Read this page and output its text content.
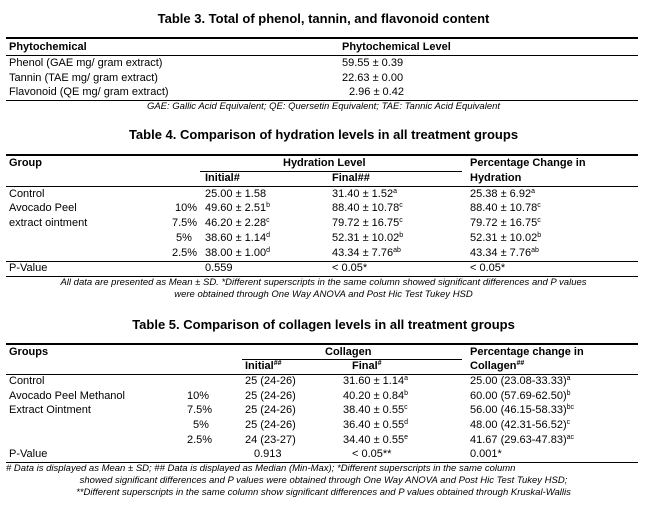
Table 3. Total of phenol, tannin, and flavonoid content
Phytochemical	Phytochemical Level
Phenol (GAE mg/ gram extract)	59.55 ± 0.39
Tannin (TAE mg/ gram extract)	22.63 ± 0.00
Flavonoid (QE mg/ gram extract)	2.96 ± 0.42
GAE: Gallic Acid Equivalent; QE: Quersetin Equivalent; TAE: Tannic Acid Equivalent
Table 4. Comparison of hydration levels in all treatment groups
Group	Hydration Level	Percentage Change in
Initial#	Final##	Hydration
Control	25.00 ± 1.58	31.40 ± 1.52$^a$	25.38 ± 6.92$^a$
Avocado Peel	10% 49.60 ± 2.51$^b$	88.40 ± 10.78$^c$	88.40 ± 10.78$^c$
extract ointment	7.5% 46.20 ± 2.28$^c$	79.72 ± 16.75$^c$	79.72 ± 16.75$^c$
5% 38.60 ± 1.14$^d$	52.31 ± 10.02$^b$	52.31 ± 10.02$^b$
2.5% 38.00 ± 1.00$^d$	43.34 ± 7.76$^{ab}$	43.34 ± 7.76$^{ab}$
P-Value	0.559	< 0.05*	< 0.05*
All data are presented as Mean ± SD. *Different superscripts in the same column showed significant differences and P values
were obtained through One Way ANOVA and Post Hic Test Tukey HSD
Table 5. Comparison of collagen levels in all treatment groups
Groups	Collagen	Percentage change in
Initial##	Final#	Collagen##
Control	25 (24-26)	31.60 ± 1.14$^a$	25.00 $(23.08-33.33)^a$
Avocado Peel Methanol	10%	25 (24-26)	40.20 ± 0.84$^b$	60.00 $(57.69-62.50)^b$
Extract Ointment	7.5%	25 (24-26)	38.40 ± 0.55$^c$	56.00 $(46.15-58.33)^{bc}$
5%	25 (24-26)	36.40 ± 0.55$^d$	48.00 $(42.31-56.52)^c$
2.5%	24 (23-27)	34.40 ± 0.55$^e$	41.67 $(29.63-47.83)^{ac}$
P-Value	0.913	< 0.05**	0.001*
# Data is displayed as Mean ± SD; ## Data is displayed as Median (Min-Max); *Different superscripts in the same column
showed significant differences and P values were obtained through One Way ANOVA and Post Hic Test Tukey HSD;
**Different superscripts in the same column show significant differences and P values obtained through Kruskal-Wallis
